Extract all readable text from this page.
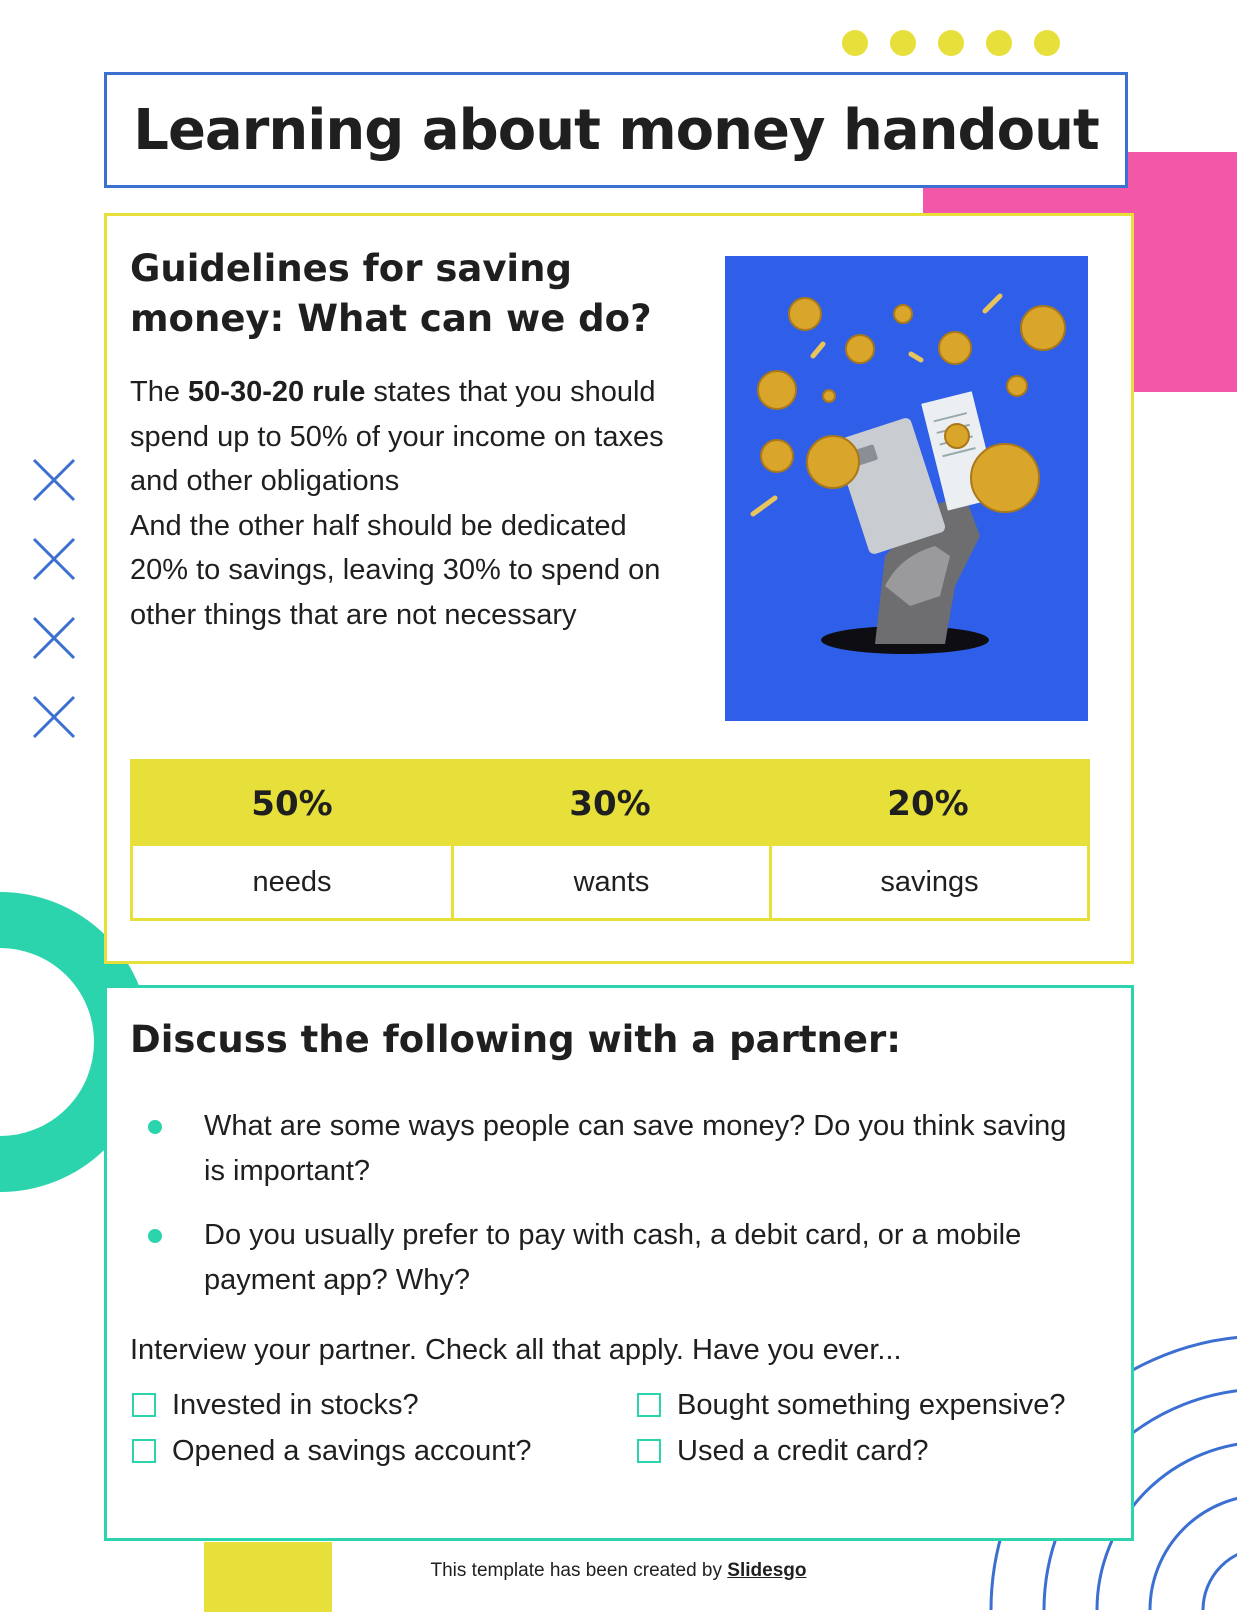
Learning about money handout
Guidelines for saving money: What can we do?

The 50-30-20 rule states that you should spend up to 50% of your income on taxes and other obligations
And the other half should be dedicated 20% to savings, leaving 30% to spend on other things that are not necessary

50%	30%	20%
needs	wants	savings
Discuss the following with a partner:
What are some ways people can save money? Do you think saving is important?
Do you usually prefer to pay with cash, a debit card, or a mobile payment app? Why?

Interview your partner. Check all that apply. Have you ever...

Invested in stocks?	Bought something expensive?
Opened a savings account?	Used a credit card?
This template has been created by Slidesgo
